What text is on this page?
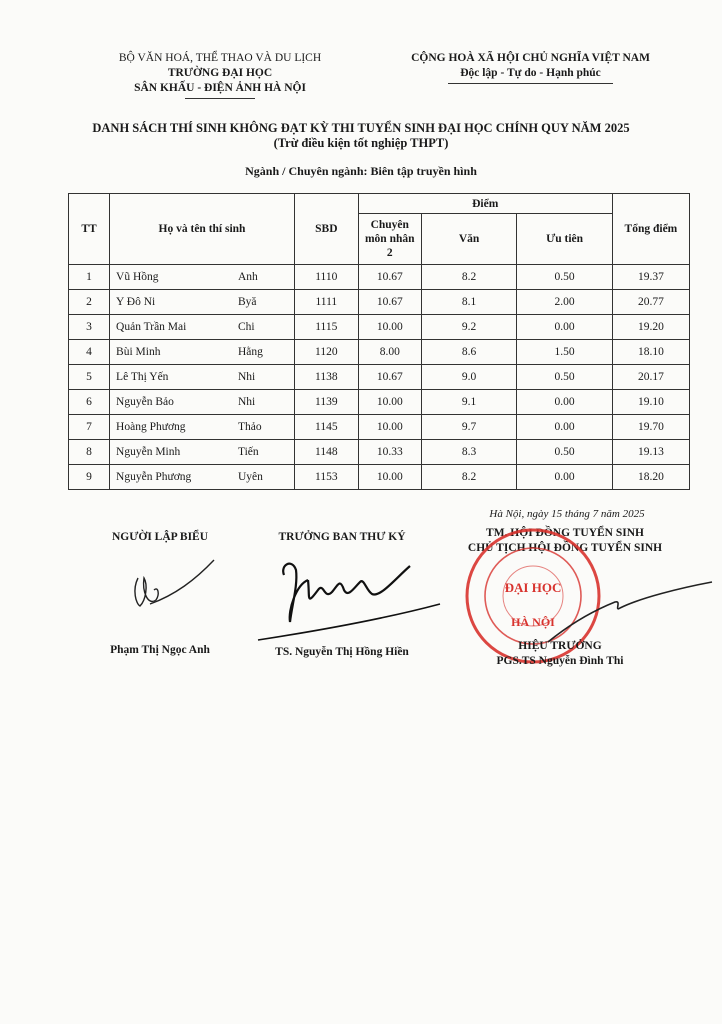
BỘ VĂN HOÁ, THỂ THAO VÀ DU LỊCH
TRƯỜNG ĐẠI HỌC
SÂN KHẤU - ĐIỆN ẢNH HÀ NỘI
CỘNG HOÀ XÃ HỘI CHỦ NGHĨA VIỆT NAM
Độc lập - Tự do - Hạnh phúc
DANH SÁCH THÍ SINH KHÔNG ĐẠT KỲ THI TUYỂN SINH ĐẠI HỌC CHÍNH QUY NĂM 2025
(Trừ điều kiện tốt nghiệp THPT)
Ngành / Chuyên ngành: Biên tập truyền hình
TT	Họ và tên thí sinh	SBD	Điểm			Tổng điểm
			Chuyên môn nhân 2	Văn	Ưu tiên	
1	Vũ Hồng Anh	1110	10.67	8.2	0.50	19.37
2	Y Đô Ni Byă	1111	10.67	8.1	2.00	20.77
3	Quản Trần Mai Chi	1115	10.00	9.2	0.00	19.20
4	Bùi Minh Hằng	1120	8.00	8.6	1.50	18.10
5	Lê Thị Yến Nhi	1138	10.67	9.0	0.50	20.17
6	Nguyễn Bảo Nhi	1139	10.00	9.1	0.00	19.10
7	Hoàng Phương Thảo	1145	10.00	9.7	0.00	19.70
8	Nguyễn Minh Tiến	1148	10.33	8.3	0.50	19.13
9	Nguyễn Phương Uyên	1153	10.00	8.2	0.00	18.20
Hà Nội, ngày 15 tháng 7 năm 2025
TM. HỘI ĐỒNG TUYỂN SINH
CHỦ TỊCH HỘI ĐỒNG TUYỂN SINH
NGƯỜI LẬP BIỂU	TRƯỞNG BAN THƯ KÝ
ĐẠI HỌC
HÀ NỘI
Phạm Thị Ngọc Anh	TS. Nguyễn Thị Hồng Hiền	HIỆU TRƯỞNG
PGS.TS Nguyễn Đình Thi
